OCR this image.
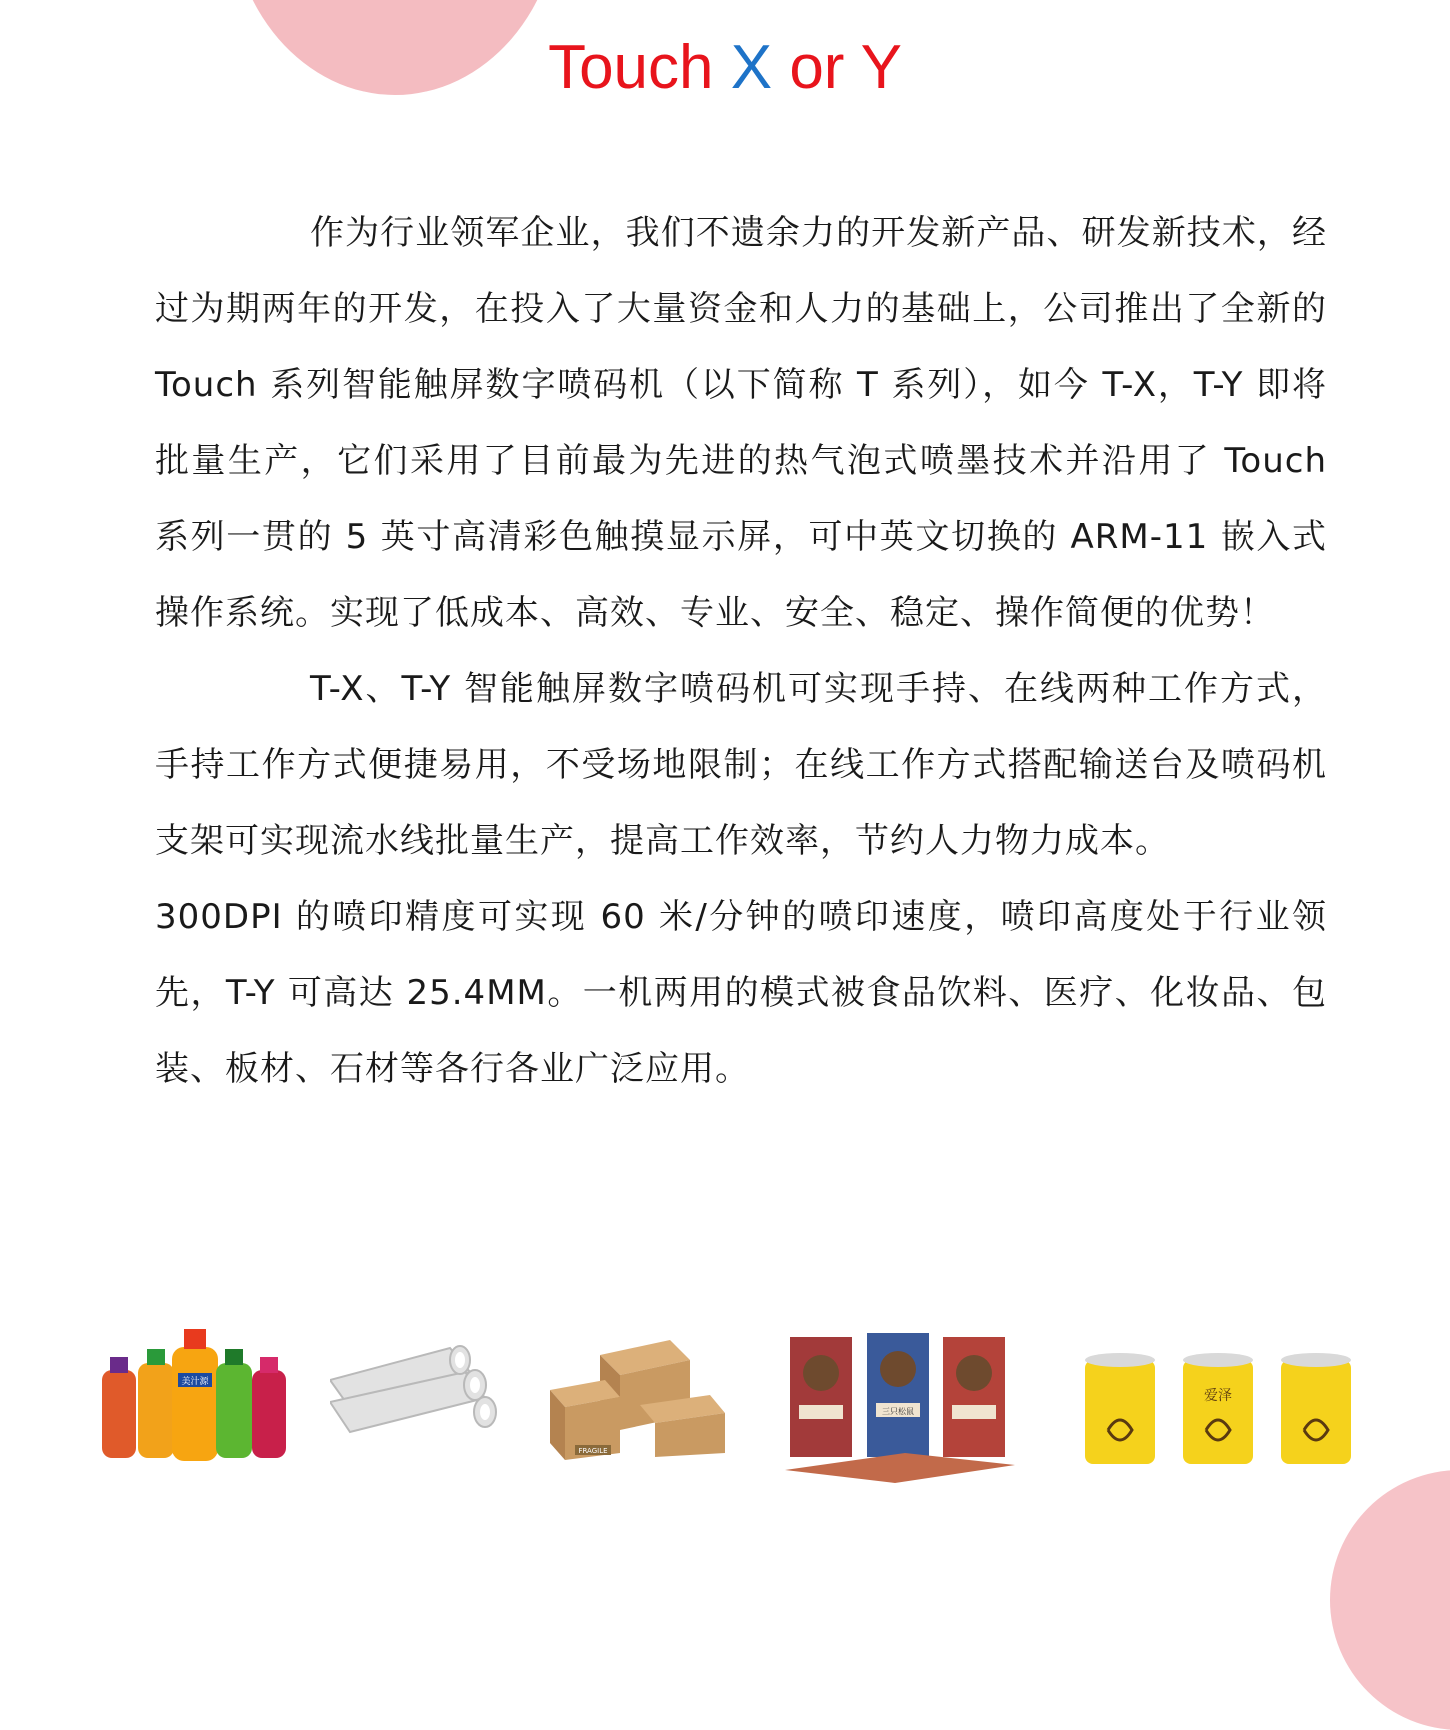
Touch X or Y

作为行业领军企业，我们不遗余力的开发新产品、研发新技术，经过为期两年的开发，在投入了大量资金和人力的基础上，公司推出了全新的 Touch 系列智能触屏数字喷码机（以下简称 T 系列），如今 T-X，T-Y 即将批量生产，它们采用了目前最为先进的热气泡式喷墨技术并沿用了 Touch 系列一贯的 5 英寸高清彩色触摸显示屏，可中英文切换的 ARM-11 嵌入式操作系统。实现了低成本、高效、专业、安全、稳定、操作简便的优势！

T-X、T-Y 智能触屏数字喷码机可实现手持、在线两种工作方式，手持工作方式便捷易用，不受场地限制；在线工作方式搭配输送台及喷码机支架可实现流水线批量生产，提高工作效率，节约人力物力成本。

300DPI 的喷印精度可实现 60 米/分钟的喷印速度，喷印高度处于行业领先，T-Y 可高达 25.4MM。一机两用的模式被食品饮料、医疗、化妆品、包装、板材、石材等各行各业广泛应用。

美汁源
FRAGILE
三只松鼠
爱泽
